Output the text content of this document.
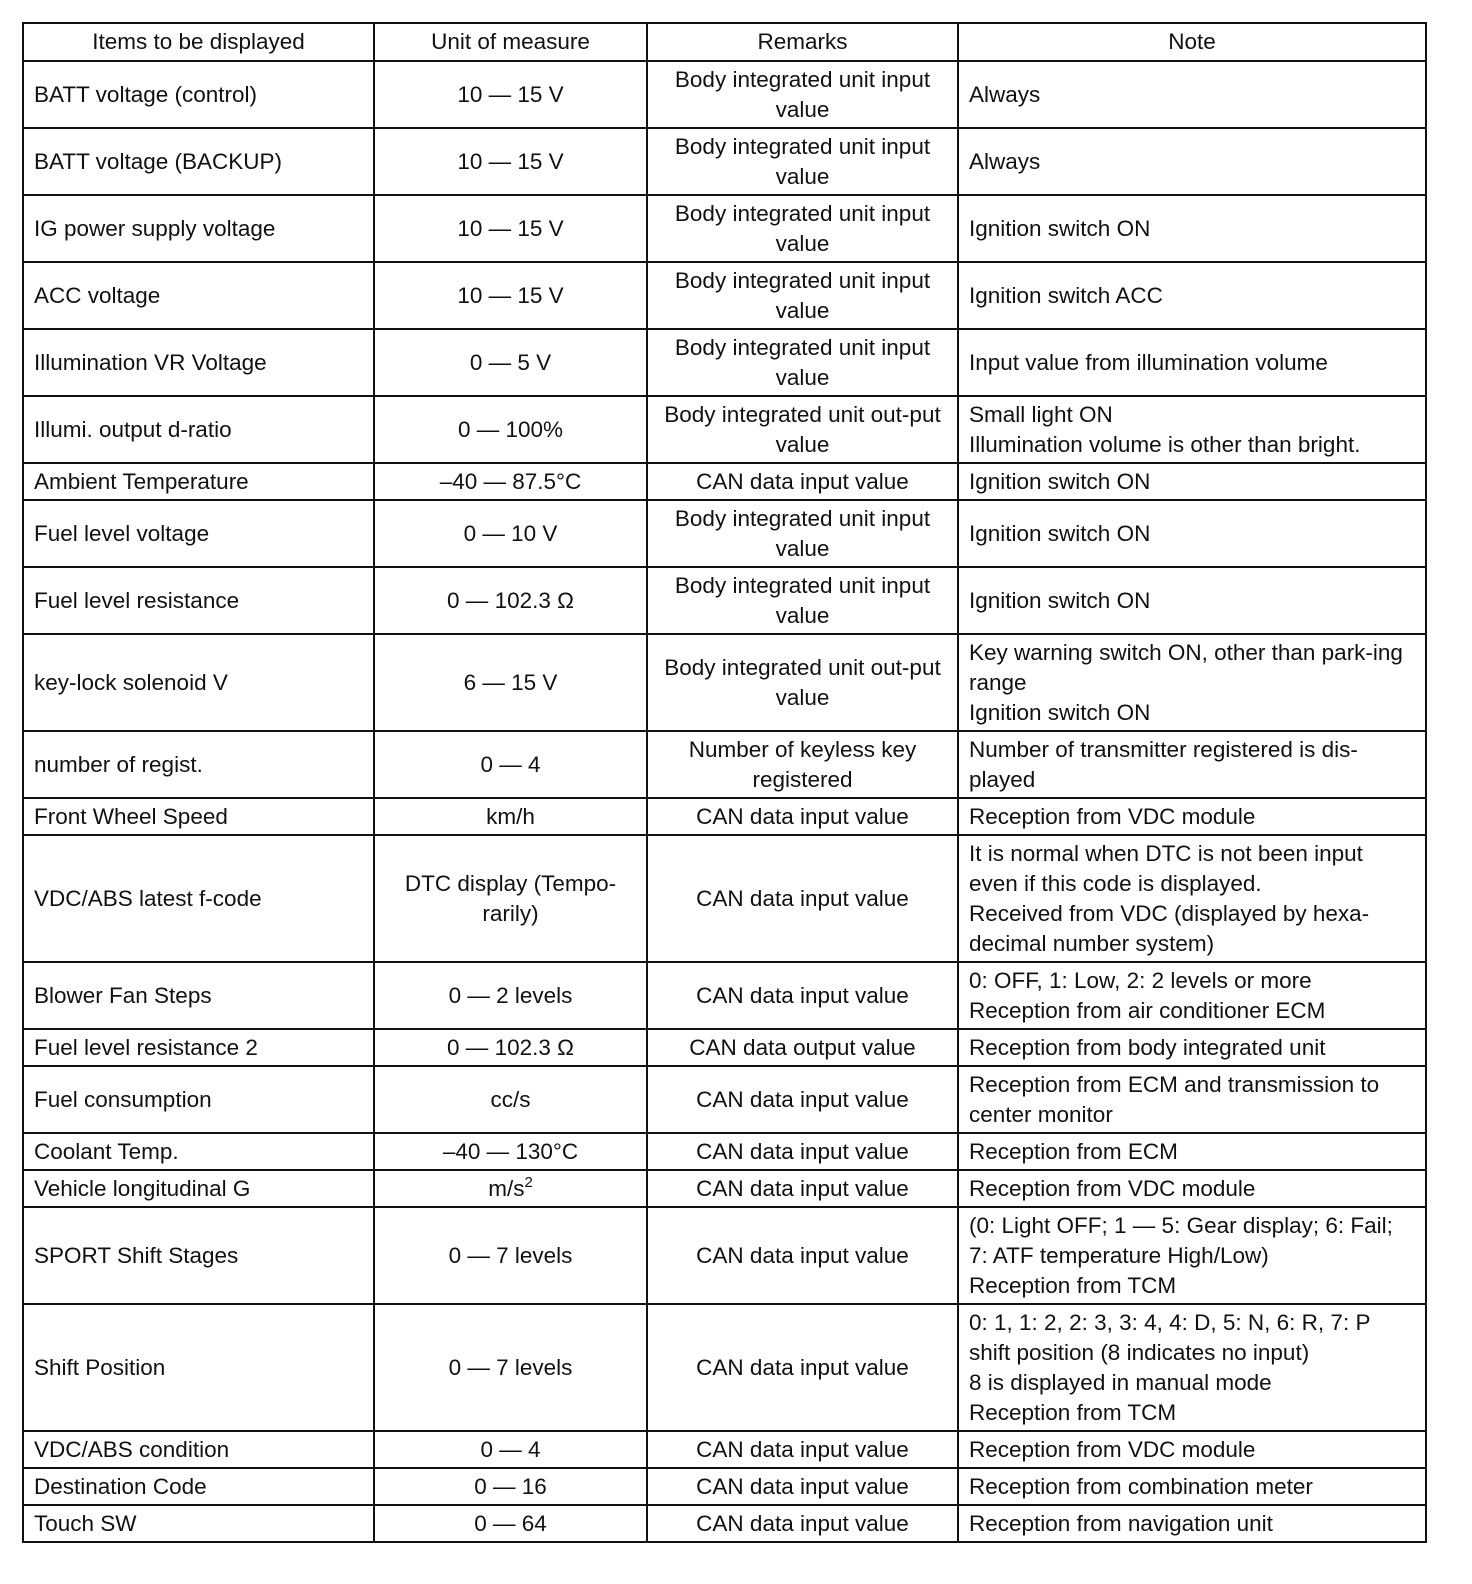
Items to be displayed	Unit of measure	Remarks	Note
BATT voltage (control)	10 — 15 V	Body integrated unit input value	Always

BATT voltage (BACKUP)	10 — 15 V	Body integrated unit input value	Always

IG power supply voltage	10 — 15 V	Body integrated unit input value	Ignition switch ON

ACC voltage	10 — 15 V	Body integrated unit input value	Ignition switch ACC

Illumination VR Voltage	0 — 5 V	Body integrated unit input value	Input value from illumination volume

Illumi. output d-ratio	0 — 100%	Body integrated unit out-put value	Small light ON
Illumination volume is other than bright.

Ambient Temperature	–40 — 87.5°C	CAN data input value	Ignition switch ON

Fuel level voltage	0 — 10 V	Body integrated unit input value	Ignition switch ON

Fuel level resistance	0 — 102.3 Ω	Body integrated unit input value	Ignition switch ON

key-lock solenoid V	6 — 15 V	Body integrated unit out-put value	Key warning switch ON, other than park-ing range
Ignition switch ON

number of regist.	0 — 4	Number of keyless key registered	Number of transmitter registered is dis-played

Front Wheel Speed	km/h	CAN data input value	Reception from VDC module

VDC/ABS latest f-code	DTC display (Tempo-rarily)	CAN data input value	It is normal when DTC is not been input even if this code is displayed.
Received from VDC (displayed by hexa-decimal number system)

Blower Fan Steps	0 — 2 levels	CAN data input value	0: OFF, 1: Low, 2: 2 levels or more
Reception from air conditioner ECM

Fuel level resistance 2	0 — 102.3 Ω	CAN data output value	Reception from body integrated unit

Fuel consumption	cc/s	CAN data input value	Reception from ECM and transmission to center monitor

Coolant Temp.	–40 — 130°C	CAN data input value	Reception from ECM

Vehicle longitudinal G	$m/s^2$	CAN data input value	Reception from VDC module

SPORT Shift Stages	0 — 7 levels	CAN data input value	(0: Light OFF; 1 — 5: Gear display; 6: Fail; 7: ATF temperature High/Low)
Reception from TCM

Shift Position	0 — 7 levels	CAN data input value	0: 1, 1: 2, 2: 3, 3: 4, 4: D, 5: N, 6: R, 7: P shift position (8 indicates no input)
8 is displayed in manual mode
Reception from TCM

VDC/ABS condition	0 — 4	CAN data input value	Reception from VDC module

Destination Code	0 — 16	CAN data input value	Reception from combination meter

Touch SW	0 — 64	CAN data input value	Reception from navigation unit
